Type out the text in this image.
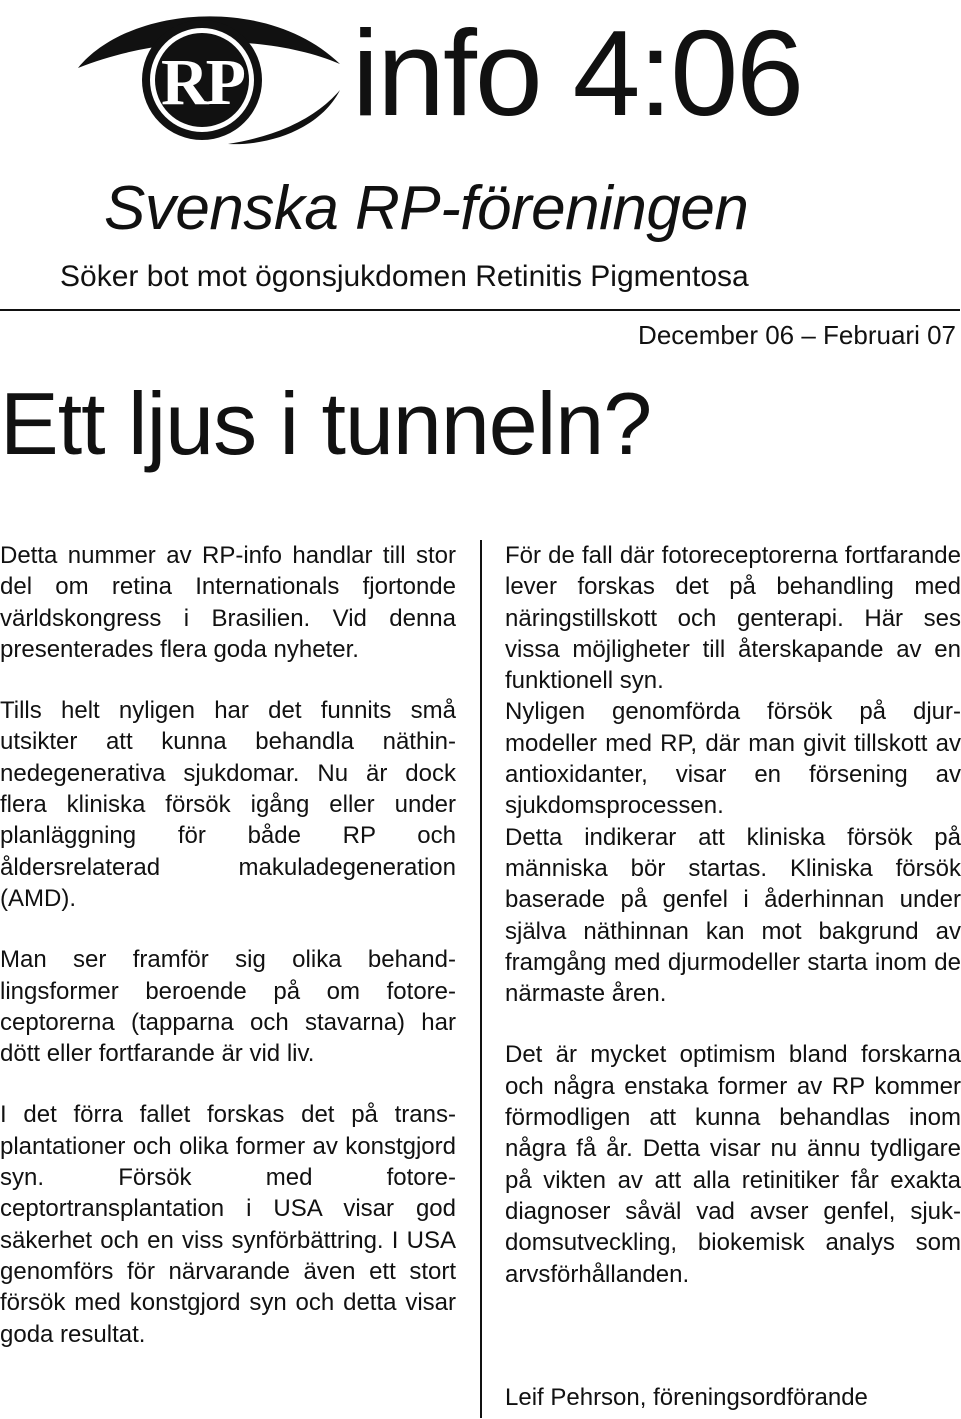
RP info 4:06
Svenska RP-föreningen
Söker bot mot ögonsjukdomen Retinitis Pigmentosa
December 06 – Februari 07
Ett ljus i tunneln?

Detta nummer av RP-info handlar till stor del om retina Internationals fjortonde världskongress i Brasilien. Vid denna presenterades flera goda nyheter.

Tills helt nyligen har det funnits små utsikter att kunna behandla näthinnedegenerativa sjukdomar. Nu är dock flera kliniska försök igång eller under planläggning för både RP och åldersrelaterad makuladegeneration (AMD).

Man ser framför sig olika behandlingsformer beroende på om fotoreceptorerna (tapparna och stavarna) har dött eller fortfarande är vid liv.

I det förra fallet forskas det på transplantationer och olika former av konstgjord syn. Försök med fotoreceptortransplantation i USA visar god säkerhet och en viss synförbättring. I USA genomförs för närvarande även ett stort försök med konstgjord syn och detta visar goda resultat.

För de fall där fotoreceptorerna fortfarande lever forskas det på behandling med näringstillskott och genterapi. Här ses vissa möjligheter till återskapande av en funktionell syn.

Nyligen genomförda försök på djurmodeller med RP, där man givit tillskott av antioxidanter, visar en försening av sjukdomsprocessen.

Detta indikerar att kliniska försök på människa bör startas. Kliniska försök baserade på genfel i åderhinnan under själva näthinnan kan mot bakgrund av framgång med djurmodeller starta inom de närmaste åren.

Det är mycket optimism bland forskarna och några enstaka former av RP kommer förmodligen att kunna behandlas inom några få år. Detta visar nu ännu tydligare på vikten av att alla retinitiker får exakta diagnoser såväl vad avser genfel, sjukdomsutveckling, biokemisk analys som arvsförhållanden.

Leif Pehrson, föreningsordförande
